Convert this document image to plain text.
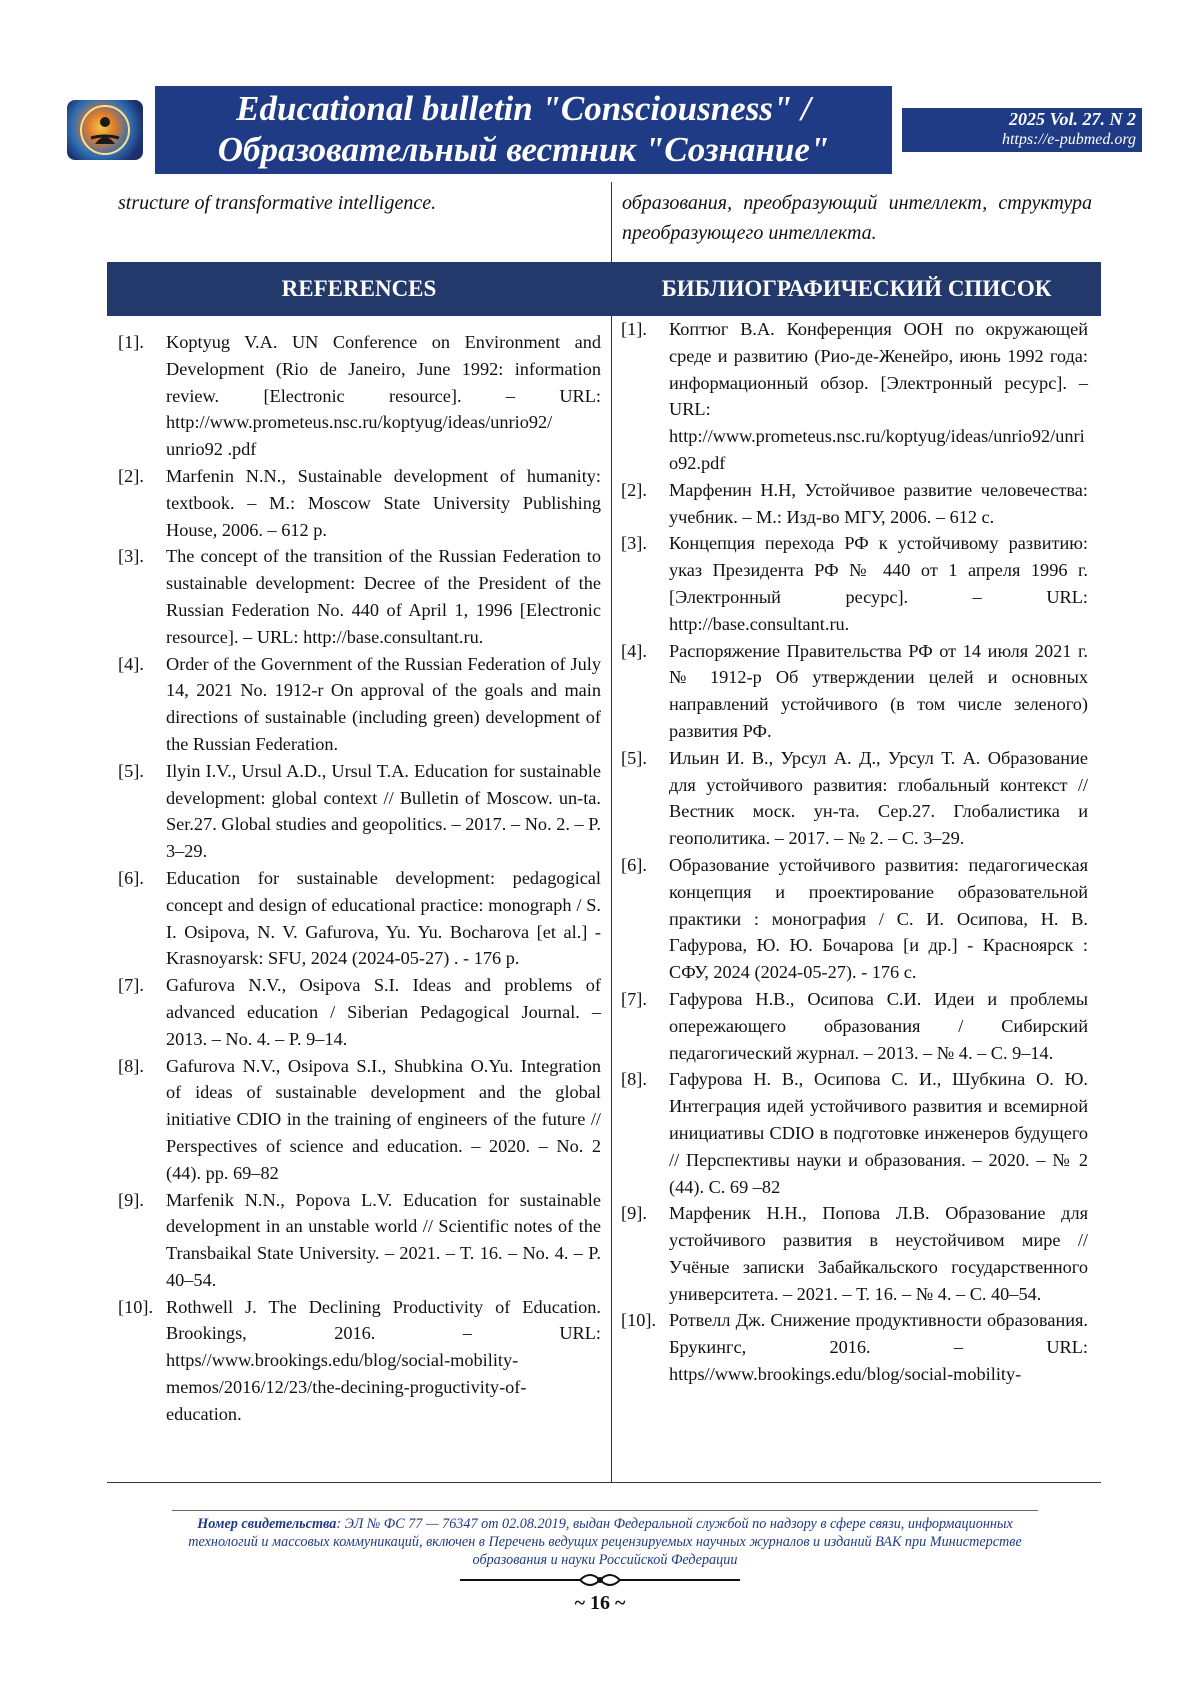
Educational bulletin "Consciousness" /
Образовательный вестник "Сознание"
2025 Vol. 27. N 2
https://e-pubmed.org
structure of transformative intelligence.	образования, преобразующий интеллект, структура преобразующего интеллекта.
REFERENCES	БИБЛИОГРАФИЧЕСКИЙ СПИСОК
[1]. Koptyug V.A. UN Conference on Environment and Development (Rio de Janeiro, June 1992: information review. [Electronic resource]. – URL: http://www.prometeus.nsc.ru/koptyug/ideas/unrio92/ unrio92 .pdf
[2]. Marfenin N.N., Sustainable development of humanity: textbook. – M.: Moscow State University Publishing House, 2006. – 612 p.
[3]. The concept of the transition of the Russian Federation to sustainable development: Decree of the President of the Russian Federation No. 440 of April 1, 1996 [Electronic resource]. – URL: http://base.consultant.ru.
[4]. Order of the Government of the Russian Federation of July 14, 2021 No. 1912-r On approval of the goals and main directions of sustainable (including green) development of the Russian Federation.
[5]. Ilyin I.V., Ursul A.D., Ursul T.A. Education for sustainable development: global context // Bulletin of Moscow. un-ta. Ser.27. Global studies and geopolitics. – 2017. – No. 2. – P. 3–29.
[6]. Education for sustainable development: pedagogical concept and design of educational practice: monograph / S. I. Osipova, N. V. Gafurova, Yu. Yu. Bocharova [et al.] - Krasnoyarsk: SFU, 2024 (2024-05-27) . - 176 p.
[7]. Gafurova N.V., Osipova S.I. Ideas and problems of advanced education / Siberian Pedagogical Journal. – 2013. – No. 4. – P. 9–14.
[8]. Gafurova N.V., Osipova S.I., Shubkina O.Yu. Integration of ideas of sustainable development and the global initiative CDIO in the training of engineers of the future // Perspectives of science and education. – 2020. – No. 2 (44). pp. 69–82
[9]. Marfenik N.N., Popova L.V. Education for sustainable development in an unstable world // Scientific notes of the Transbaikal State University. – 2021. – T. 16. – No. 4. – P. 40–54.
[10]. Rothwell J. The Declining Productivity of Education. Brookings, 2016. – URL: https//www.brookings.edu/blog/social-mobility-memos/2016/12/23/the-decining-proguctivity-of-education.
[1]. Коптюг В.А. Конференция ООН по окружающей среде и развитию (Рио-де-Женейро, июнь 1992 года: информационный обзор. [Электронный ресурс]. – URL: http://www.prometeus.nsc.ru/koptyug/ideas/unrio92/unrio92.pdf
[2]. Марфенин Н.Н, Устойчивое развитие человечества: учебник. – М.: Изд-во МГУ, 2006. – 612 с.
[3]. Концепция перехода РФ к устойчивому развитию: указ Президента РФ № 440 от 1 апреля 1996 г. [Электронный ресурс]. – URL: http://base.consultant.ru.
[4]. Распоряжение Правительства РФ от 14 июля 2021 г. № 1912-р Об утверждении целей и основных направлений устойчивого (в том числе зеленого) развития РФ.
[5]. Ильин И. В., Урсул А. Д., Урсул Т. А. Образование для устойчивого развития: глобальный контекст // Вестник моск. ун-та. Сер.27. Глобалистика и геополитика. – 2017. – № 2. – С. 3–29.
[6]. Образование устойчивого развития: педагогическая концепция и проектирование образовательной практики : монография / С. И. Осипова, Н. В. Гафурова, Ю. Ю. Бочарова [и др.] - Красноярск : СФУ, 2024 (2024-05-27). - 176 с.
[7]. Гафурова Н.В., Осипова С.И. Идеи и проблемы опережающего образования / Сибирский педагогический журнал. – 2013. – № 4. – С. 9–14.
[8]. Гафурова Н. В., Осипова С. И., Шубкина О. Ю. Интеграция идей устойчивого развития и всемирной инициативы CDIO в подготовке инженеров будущего // Перспективы науки и образования. – 2020. – № 2 (44). С. 69 –82
[9]. Марфеник Н.Н., Попова Л.В. Образование для устойчивого развития в неустойчивом мире // Учёные записки Забайкальского государственного университета. – 2021. – Т. 16. – № 4. – С. 40–54.
[10]. Ротвелл Дж. Снижение продуктивности образования. Брукингс, 2016. – URL: https//www.brookings.edu/blog/social-mobility-
Номер свидетельства: ЭЛ № ФС 77 — 76347 от 02.08.2019, выдан Федеральной службой по надзору в сфере связи, информационных технологий и массовых коммуникаций, включен в Перечень ведущих рецензируемых научных журналов и изданий ВАК при Министерстве образования и науки Российской Федерации
~ 16 ~
